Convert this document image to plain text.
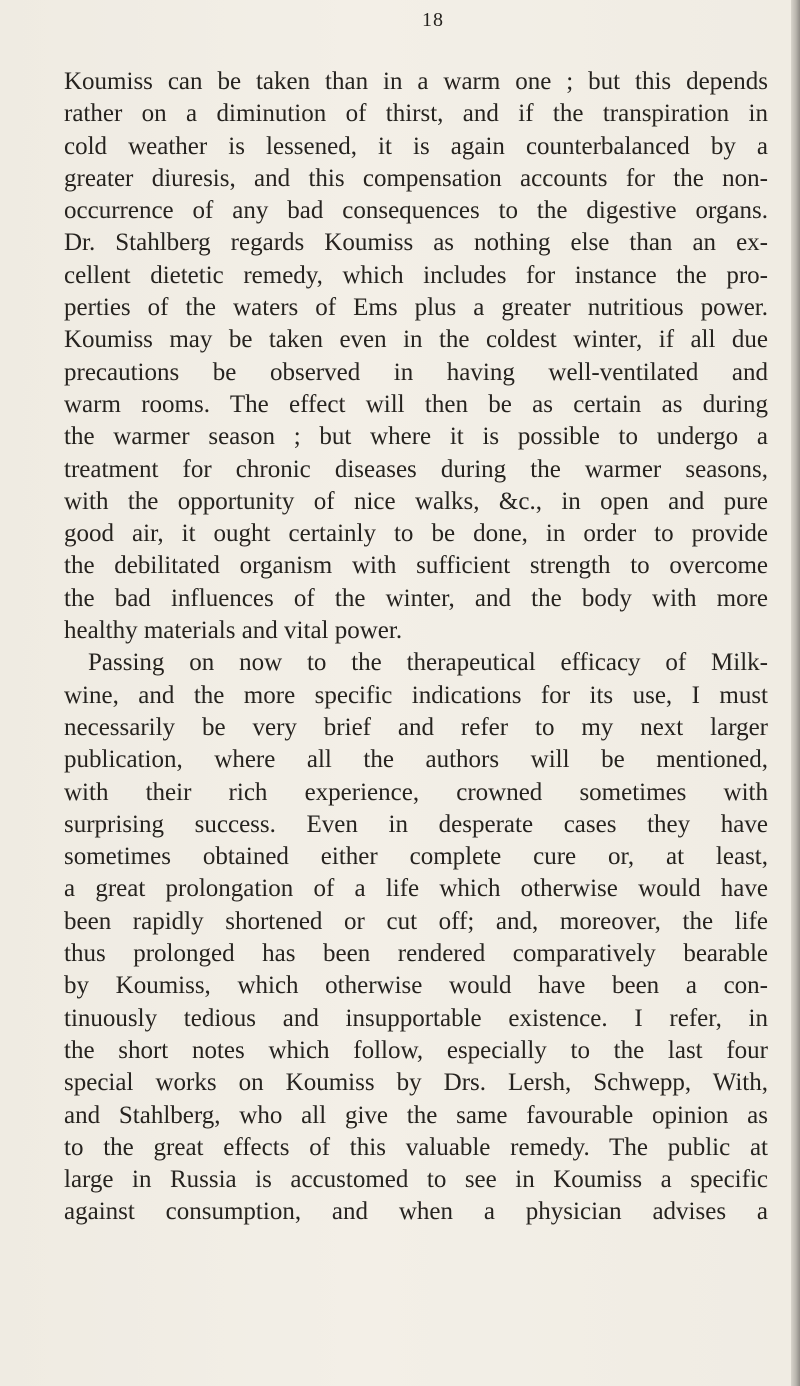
18
Koumiss can be taken than in a warm one ; but this depends
rather on a diminution of thirst, and if the transpiration in
cold weather is lessened, it is again counterbalanced by a
greater diuresis, and this compensation accounts for the non-
occurrence of any bad consequences to the digestive organs.
Dr. Stahlberg regards Koumiss as nothing else than an ex-
cellent dietetic remedy, which includes for instance the pro-
perties of the waters of Ems plus a greater nutritious power.
Koumiss may be taken even in the coldest winter, if all due
precautions be observed in having well-ventilated and
warm rooms. The effect will then be as certain as during
the warmer season ; but where it is possible to undergo a
treatment for chronic diseases during the warmer seasons,
with the opportunity of nice walks, &c., in open and pure
good air, it ought certainly to be done, in order to provide
the debilitated organism with sufficient strength to overcome
the bad influences of the winter, and the body with more
healthy materials and vital power.
Passing on now to the therapeutical efficacy of Milk-
wine, and the more specific indications for its use, I must
necessarily be very brief and refer to my next larger
publication, where all the authors will be mentioned,
with their rich experience, crowned sometimes with
surprising success. Even in desperate cases they have
sometimes obtained either complete cure or, at least,
a great prolongation of a life which otherwise would have
been rapidly shortened or cut off; and, moreover, the life
thus prolonged has been rendered comparatively bearable
by Koumiss, which otherwise would have been a con-
tinuously tedious and insupportable existence. I refer, in
the short notes which follow, especially to the last four
special works on Koumiss by Drs. Lersh, Schwepp, With,
and Stahlberg, who all give the same favourable opinion as
to the great effects of this valuable remedy. The public at
large in Russia is accustomed to see in Koumiss a specific
against consumption, and when a physician advises a
